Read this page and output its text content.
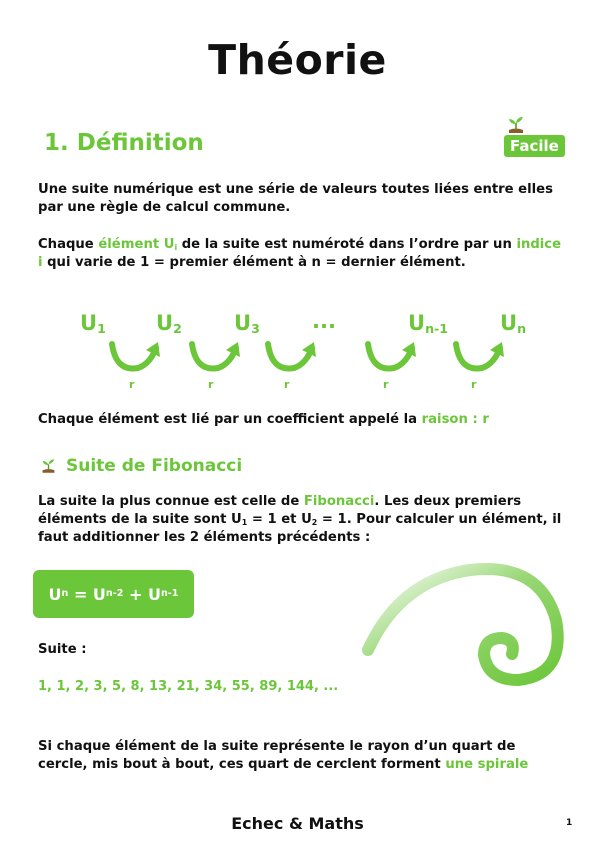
Théorie
1. Définition	Facile
Une suite numérique est une série de valeurs toutes liées entre elles par une règle de calcul commune.
Chaque élément $U_i$ de la suite est numéroté dans l’ordre par un indice i qui varie de 1 = premier élément à n = dernier élément.
$U_1$ $U_2$ $U_3$ ...	$U_{n-1}$ $U_n$
r	r	r	r	r
Chaque élément est lié par un coefficient appelé la raison : r
Suite de Fibonacci
La suite la plus connue est celle de Fibonacci. Les deux premiers éléments de la suite sont $U_1 = 1$ et $U_2 = 1$. Pour calculer un élément, il faut additionner les 2 éléments précédents :
U n = U n-2 + U n-1
Suite :
1, 1, 2, 3, 5, 8, 13, 21, 34, 55, 89, 144, ...
Si chaque élément de la suite représente le rayon d’un quart de cercle, mis bout à bout, ces quart de cerclent forment une spirale
Echec & Maths	1
